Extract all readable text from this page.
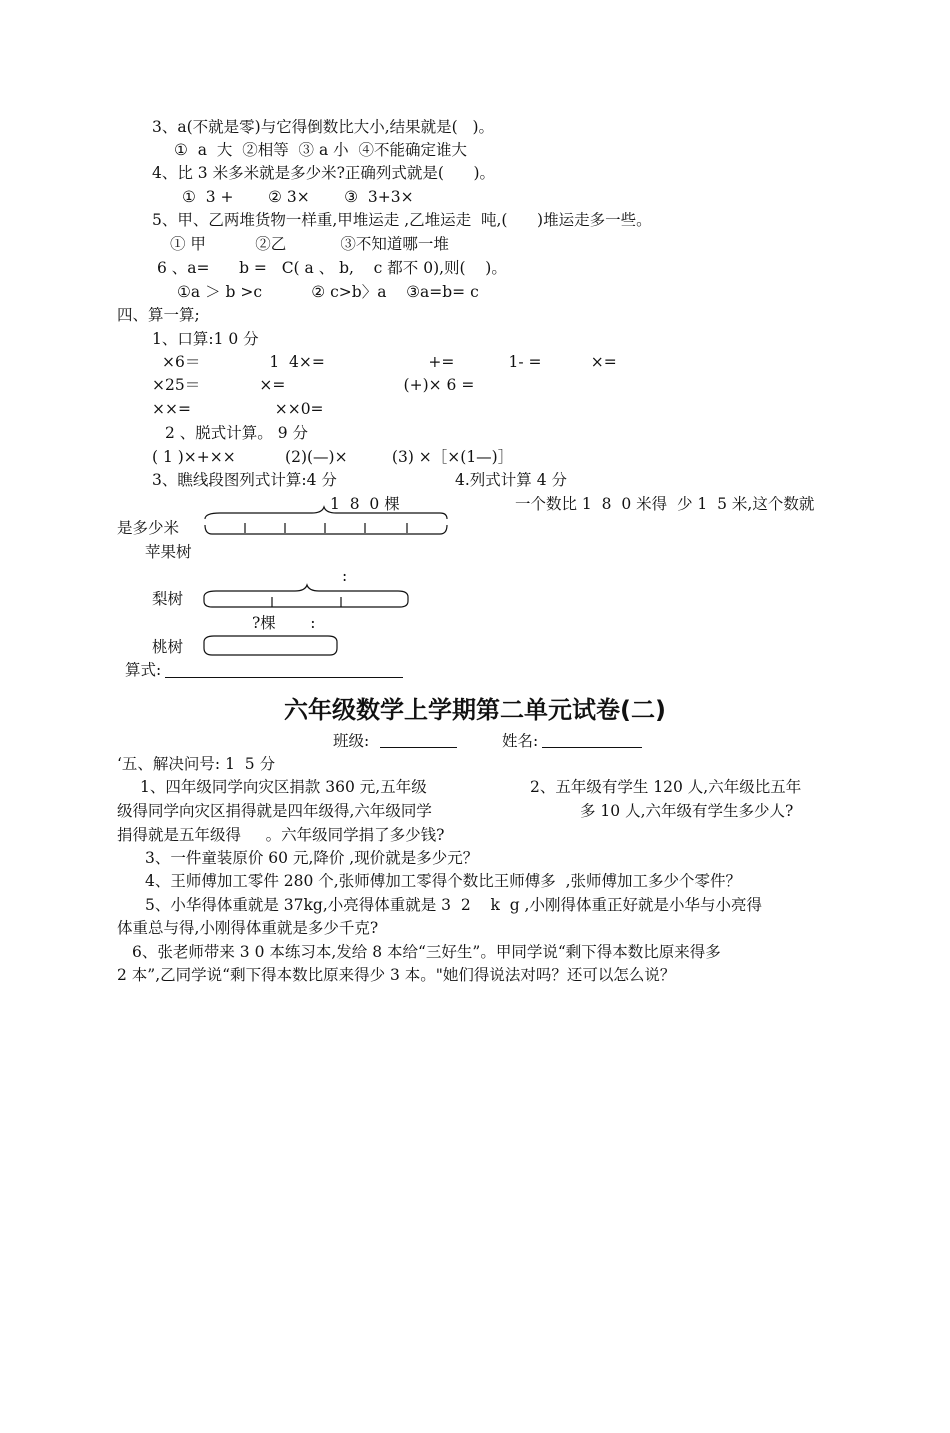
3、a(不就是零)与它得倒数比大小,结果就是(   )。
①  a  大  ②相等  ③ a 小  ④不能确定谁大
4、比 3 米多米就是多少米?正确列式就是(      )。
①  3 +       ② 3×       ③  3+3×
5、甲、乙两堆货物一样重,甲堆运走 ,乙堆运走  吨,(      )堆运走多一些。
① 甲          ②乙           ③不知道哪一堆
6 、a=      b =   C( a 、 b,    c 都不 0),则(    )。
①a ＞ b >c          ② c>b〉a    ③a=b= c
四、算一算;
1、口算:1 0 分
×6＝              1  4×=                     +=           1- =          ×=
×25＝            ×=                        (+)× 6 =
××=                 ××0=
2 、脱式计算。 9 分
( 1 )×+××          (2)(—)×         (3) ×［×(1—)］
3、瞧线段图列式计算:4 分	4.列式计算 4 分
1  8  0 棵	一个数比 1  8  0 米得  少 1  5 米,这个数就
是多少米
苹果树
:
梨树
?棵       :
桃树
算式:
六年级数学上学期第二单元试卷(二)
班级:	姓名:
‘五、解决问号: 1  5 分
1、四年级同学向灾区捐款 360 元,五年级	2、五年级有学生 120 人,六年级比五年
级得同学向灾区捐得就是四年级得,六年级同学	多 10 人,六年级有学生多少人?
捐得就是五年级得     。六年级同学捐了多少钱?
3、一件童装原价 60 元,降价 ,现价就是多少元？
4、王师傅加工零件 280 个,张师傅加工零得个数比王师傅多  ,张师傅加工多少个零件？
5、小华得体重就是 37kg,小亮得体重就是 3  2    k  g ,小刚得体重正好就是小华与小亮得
体重总与得,小刚得体重就是多少千克?
6、张老师带来 3 0 本练习本,发给 8 本给“三好生”。甲同学说“剩下得本数比原来得多
2 本”,乙同学说“剩下得本数比原来得少 3 本。"她们得说法对吗？还可以怎么说？
